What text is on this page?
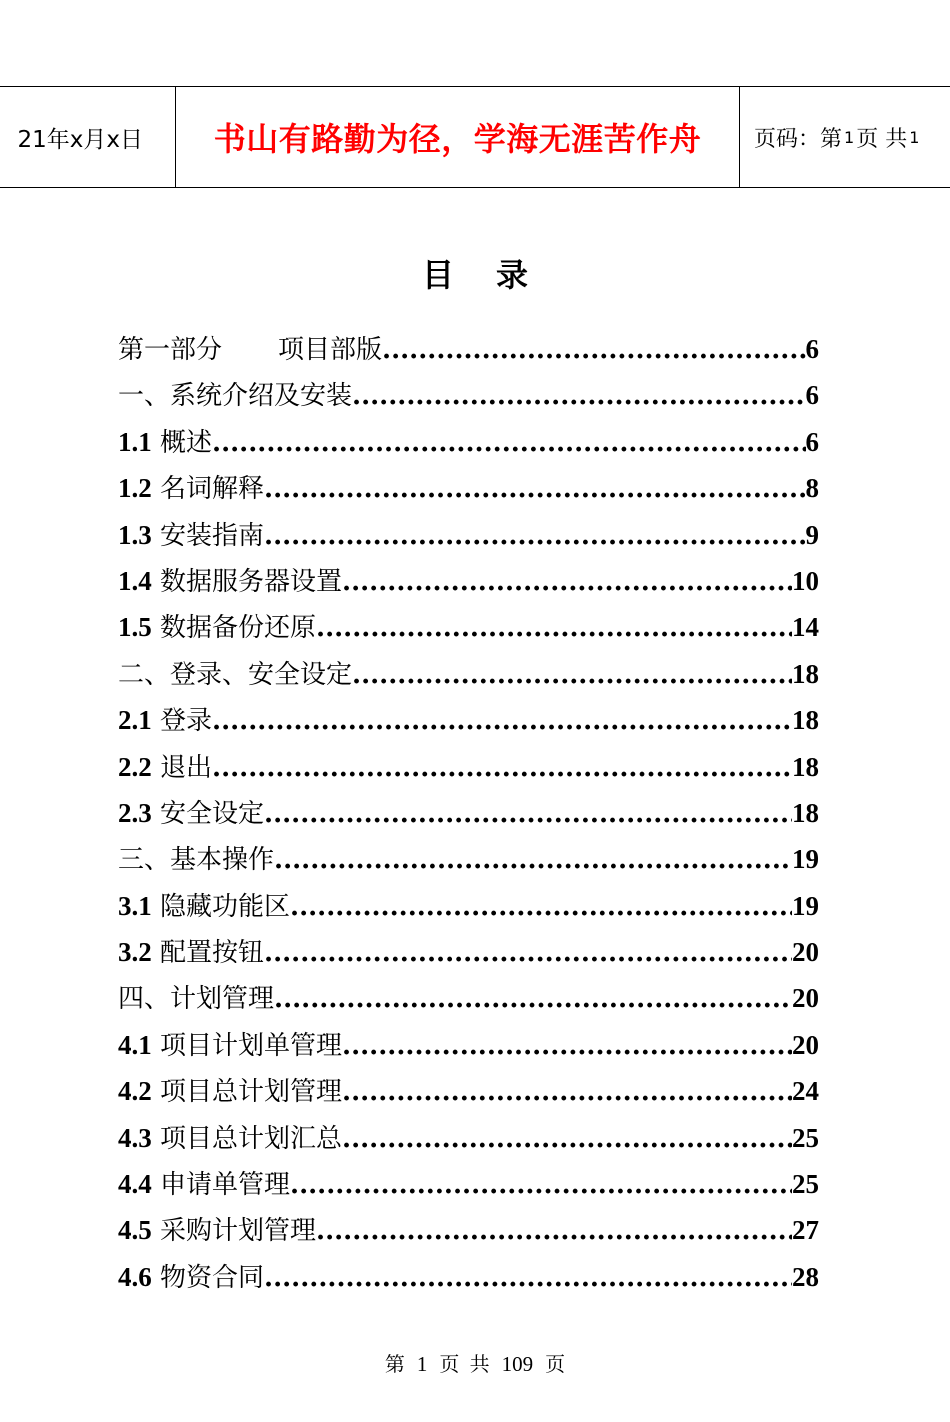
21年x月x日	书山有路勤为径，学海无涯苦作舟	页码：第 1 页 共 1
目录
第一部分 项目部版 .....	6
一、系统介绍及安装 .....	6
1.1 概述 .....	6
1.2 名词解释 .....	8
1.3 安装指南 .....	9
1.4 数据服务器设置 .....	10
1.5 数据备份还原 .....	14
二、登录、安全设定 .....	18
2.1 登录 .....	18
2.2 退出 .....	18
2.3 安全设定 .....	18
三、基本操作 .....	19
3.1 隐藏功能区 .....	19
3.2 配置按钮 .....	20
四、计划管理 .....	20
4.1 项目计划单管理 .....	20
4.2 项目总计划管理 .....	24
4.3 项目总计划汇总 .....	25
4.4 申请单管理 .....	25
4.5 采购计划管理 .....	27
4.6 物资合同 .....	28
第 1 页 共 109 页
